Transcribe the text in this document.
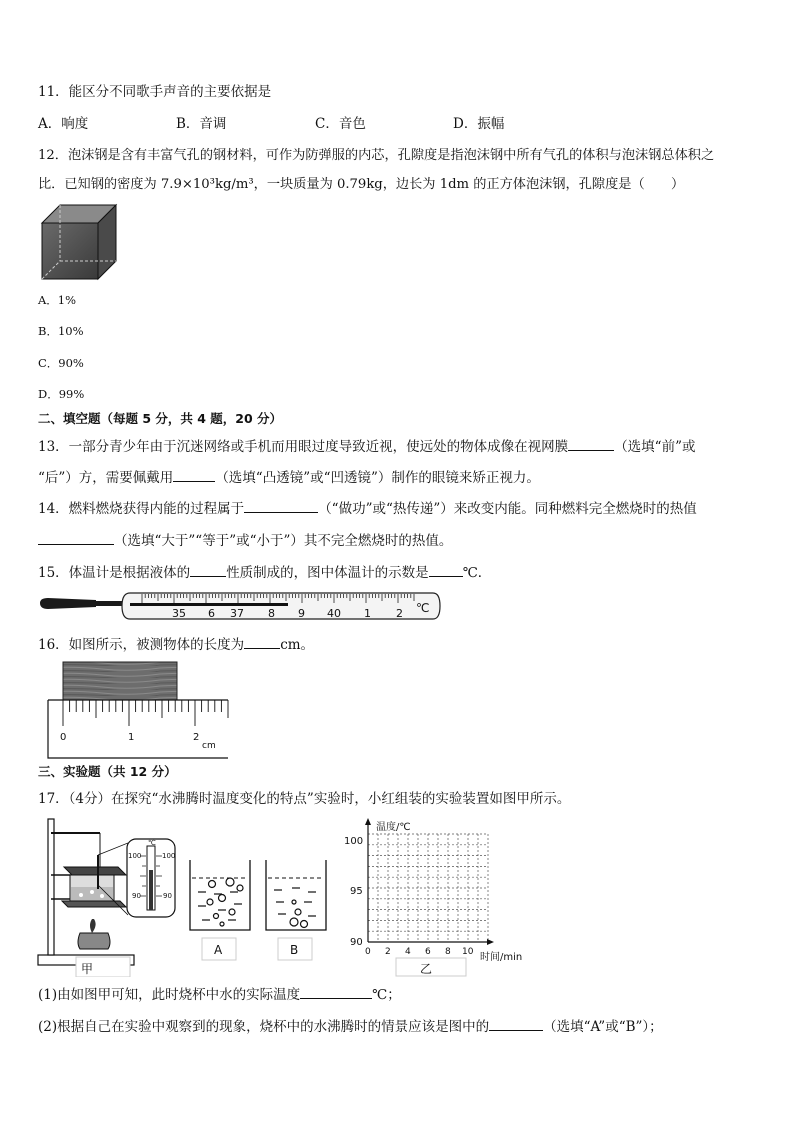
11．能区分不同歌手声音的主要依据是
A．响度	B．音调	C．音色	D．振幅
12．泡沫钢是含有丰富气孔的钢材料，可作为防弹服的内芯，孔隙度是指泡沫钢中所有气孔的体积与泡沫钢总体积之
比．已知钢的密度为 7.9×10³kg/m³，一块质量为 0.79kg，边长为 1dm 的正方体泡沫钢，孔隙度是（　　）
A．1%
B．10%
C．90%
D．99%
二、填空题（每题 5 分，共 4 题，20 分）
13．一部分青少年由于沉迷网络或手机而用眼过度导致近视，使远处的物体成像在视网膜	（选填“前”或
“后”）方，需要佩戴用	（选填“凸透镜”或“凹透镜”）制作的眼镜来矫正视力。
14．燃料燃烧获得内能的过程属于	（“做功”或“热传递”）来改变内能。同种燃料完全燃烧时的热值
（选填“大于”“等于”或“小于”）其不完全燃烧时的热值。
15．体温计是根据液体的	性质制成的，图中体温计的示数是	℃．
35 6 37 8 9 40 1 2 ℃
16．如图所示，被测物体的长度为	cm。
0	1	2
cm
三、实验题（共 12 分）
17．（4分）在探究“水沸腾时温度变化的特点”实验时，小红组装的实验装置如图甲所示。
甲
℃
100	100
90	90
A	B
温度/℃
100
95
90
0 2 4 6 8 10 时间/min
乙
(1)由如图甲可知，此时烧杯中水的实际温度	℃；
(2)根据自己在实验中观察到的现象，烧杯中的水沸腾时的情景应该是图中的	（选填“A”或“B”）；
